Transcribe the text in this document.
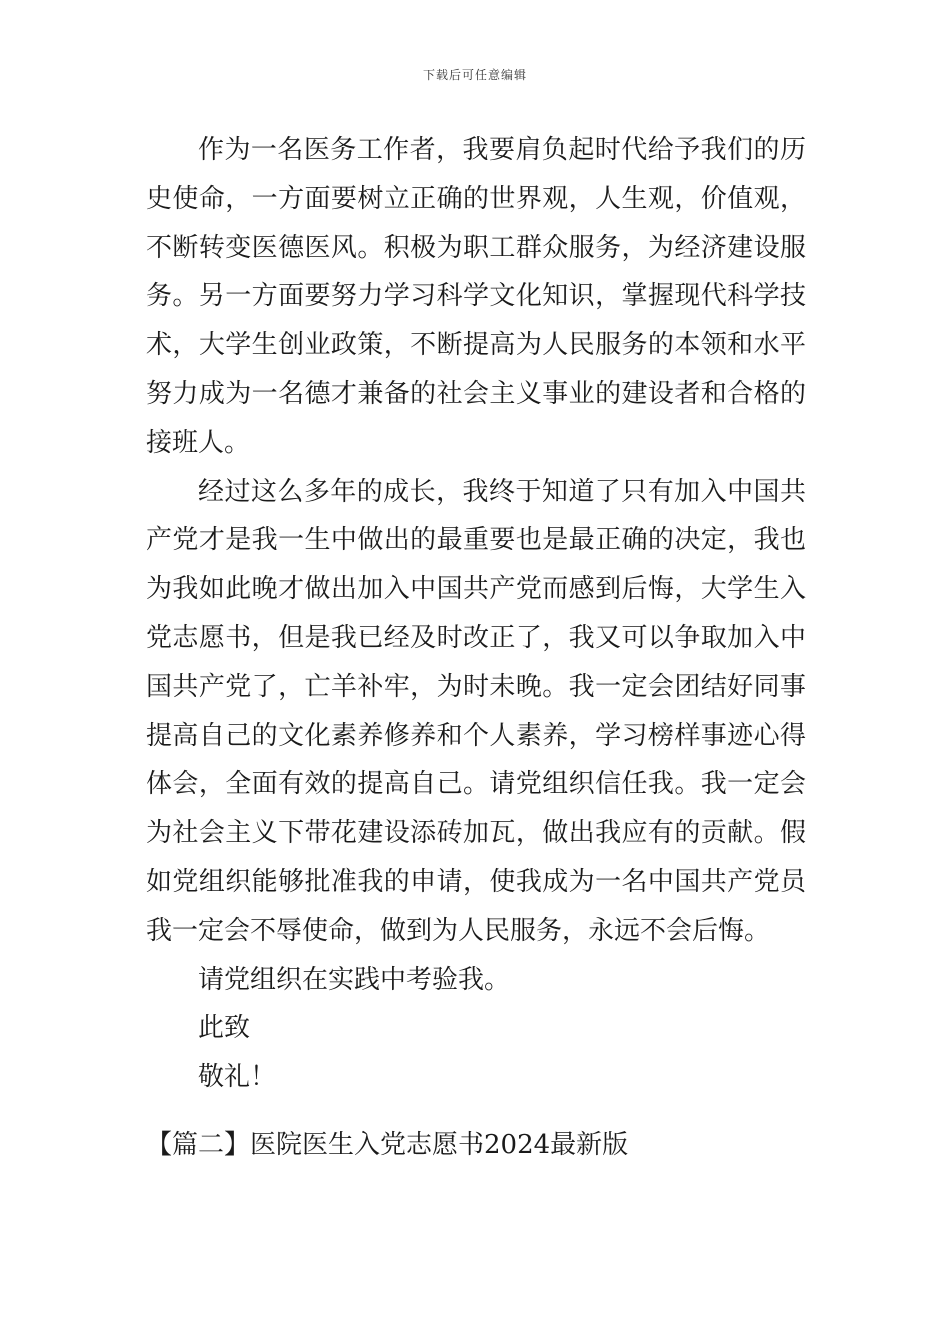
下载后可任意编辑

作为一名医务工作者，我要肩负起时代给予我们的历史使命，一方面要树立正确的世界观，人生观，价值观，不断转变医德医风。积极为职工群众服务，为经济建设服务。另一方面要努力学习科学文化知识，掌握现代科学技术，大学生创业政策，不断提高为人民服务的本领和水平努力成为一名德才兼备的社会主义事业的建设者和合格的接班人。

经过这么多年的成长，我终于知道了只有加入中国共产党才是我一生中做出的最重要也是最正确的决定，我也为我如此晚才做出加入中国共产党而感到后悔，大学生入党志愿书，但是我已经及时改正了，我又可以争取加入中国共产党了，亡羊补牢，为时未晚。我一定会团结好同事提高自己的文化素养修养和个人素养，学习榜样事迹心得体会，全面有效的提高自己。请党组织信任我。我一定会为社会主义下带花建设添砖加瓦，做出我应有的贡献。假如党组织能够批准我的申请，使我成为一名中国共产党员我一定会不辱使命，做到为人民服务，永远不会后悔。

请党组织在实践中考验我。

此致

敬礼！

【篇二】医院医生入党志愿书2024最新版
